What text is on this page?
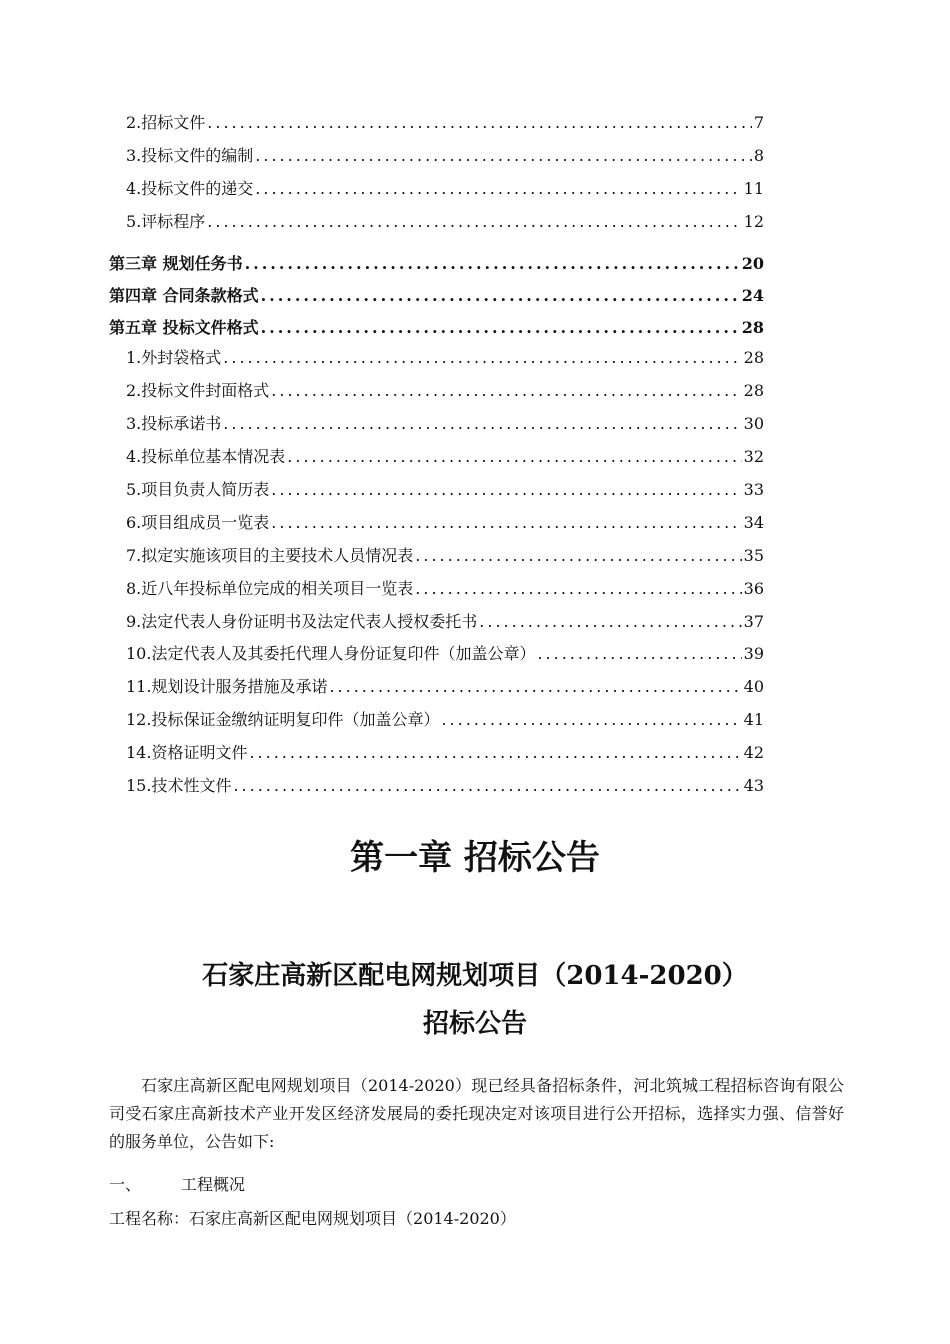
2.招标文件 .....	7
3.投标文件的编制 .....	8
4.投标文件的递交 .....	11
5.评标程序 .....	12
第三章 规划任务书 .....	20
第四章 合同条款格式 .....	24
第五章 投标文件格式 .....	28
1.外封袋格式 .....	28
2.投标文件封面格式 .....	28
3.投标承诺书 .....	30
4.投标单位基本情况表 .....	32
5.项目负责人简历表 .....	33
6.项目组成员一览表 .....	34
7.拟定实施该项目的主要技术人员情况表 .....	35
8.近八年投标单位完成的相关项目一览表 .....	36
9.法定代表人身份证明书及法定代表人授权委托书 .....	37
10.法定代表人及其委托代理人身份证复印件（加盖公章） .....	39
11.规划设计服务措施及承诺 .....	40
12.投标保证金缴纳证明复印件（加盖公章） .....	41
14.资格证明文件 .....	42
15.技术性文件 .....	43
第一章 招标公告
石家庄高新区配电网规划项目（2014-2020）
招标公告
石家庄高新区配电网规划项目（2014-2020）现已经具备招标条件，河北筑城工程招标咨询有限公司受石家庄高新技术产业开发区经济发展局的委托现决定对该项目进行公开招标，选择实力强、信誉好的服务单位，公告如下:
一、	工程概况
工程名称：石家庄高新区配电网规划项目（2014-2020）
